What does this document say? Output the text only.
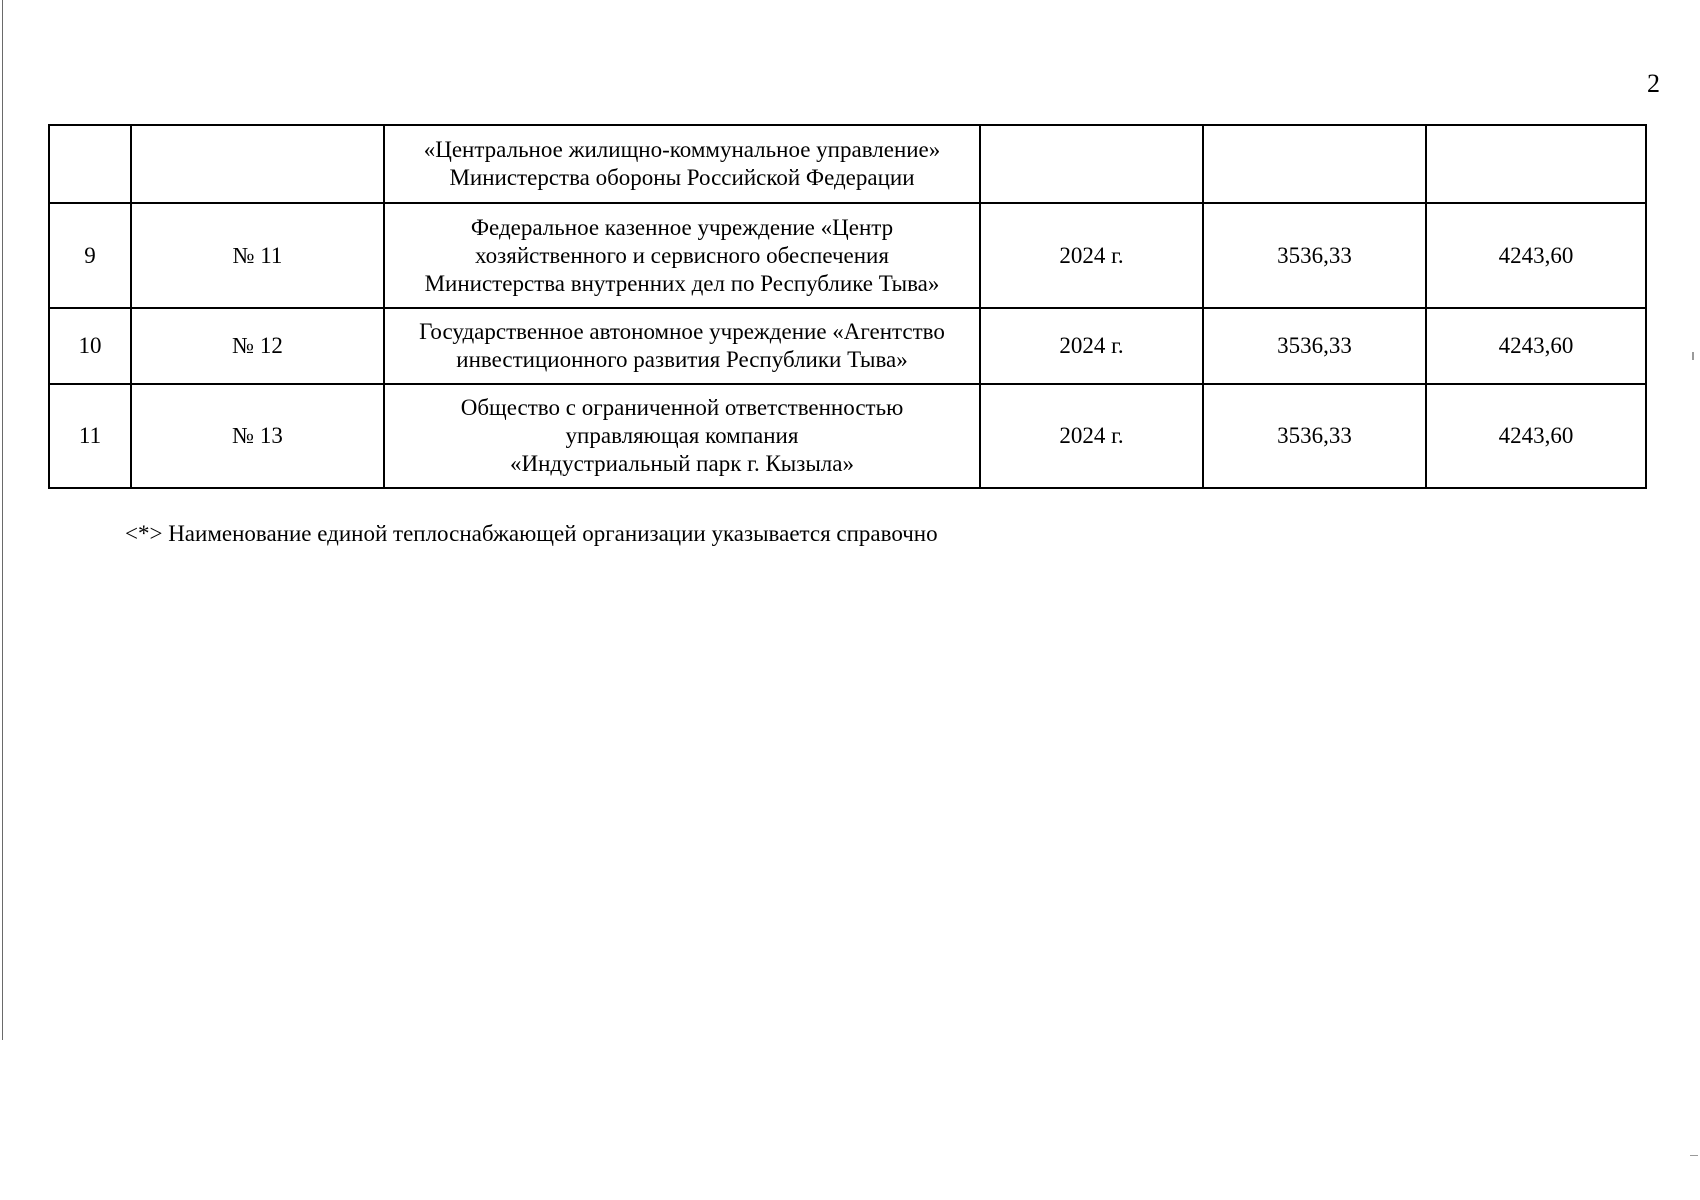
2

		«Центральное жилищно-коммунальное управление»
Министерства обороны Российской Федерации			

9	№ 11	Федеральное казенное учреждение «Центр
хозяйственного и сервисного обеспечения
Министерства внутренних дел по Республике Тыва»	2024 г.	3536,33	4243,60
10	№ 12	Государственное автономное учреждение «Агентство
инвестиционного развития Республики Тыва»	2024 г.	3536,33	4243,60
11	№ 13	Общество с ограниченной ответственностью
управляющая компания
«Индустриальный парк г. Кызыла»	2024 г.	3536,33	4243,60
<*> Наименование единой теплоснабжающей организации указывается справочно
